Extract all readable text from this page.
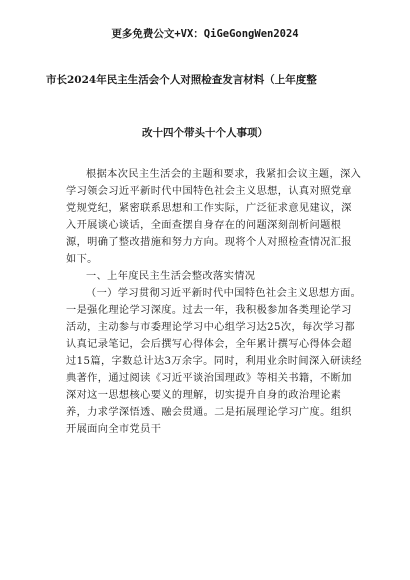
更多免费公文+VX：QiGeGongWen2024
市长2024年民主生活会个人对照检查发言材料（上年度整
改十四个带头十个人事项）

根据本次民主生活会的主题和要求，我紧扣会议主题，深入学习领会习近平新时代中国特色社会主义思想，认真对照党章党规党纪，紧密联系思想和工作实际，广泛征求意见建议，深入开展谈心谈话，全面查摆自身存在的问题深刻剖析问题根源，明确了整改措施和努力方向。现将个人对照检查情况汇报如下。

一、上年度民主生活会整改落实情况

（一）学习贯彻习近平新时代中国特色社会主义思想方面。一是强化理论学习深度。过去一年，我积极参加各类理论学习活动，主动参与市委理论学习中心组学习达25次，每次学习都认真记录笔记，会后撰写心得体会，全年累计撰写心得体会超过15篇，字数总计达3万余字。同时，利用业余时间深入研读经典著作，通过阅读《习近平谈治国理政》等相关书籍，不断加深对这一思想核心要义的理解，切实提升自身的政治理论素养，力求学深悟透、融会贯通。二是拓展理论学习广度。组织开展面向全市党员干
